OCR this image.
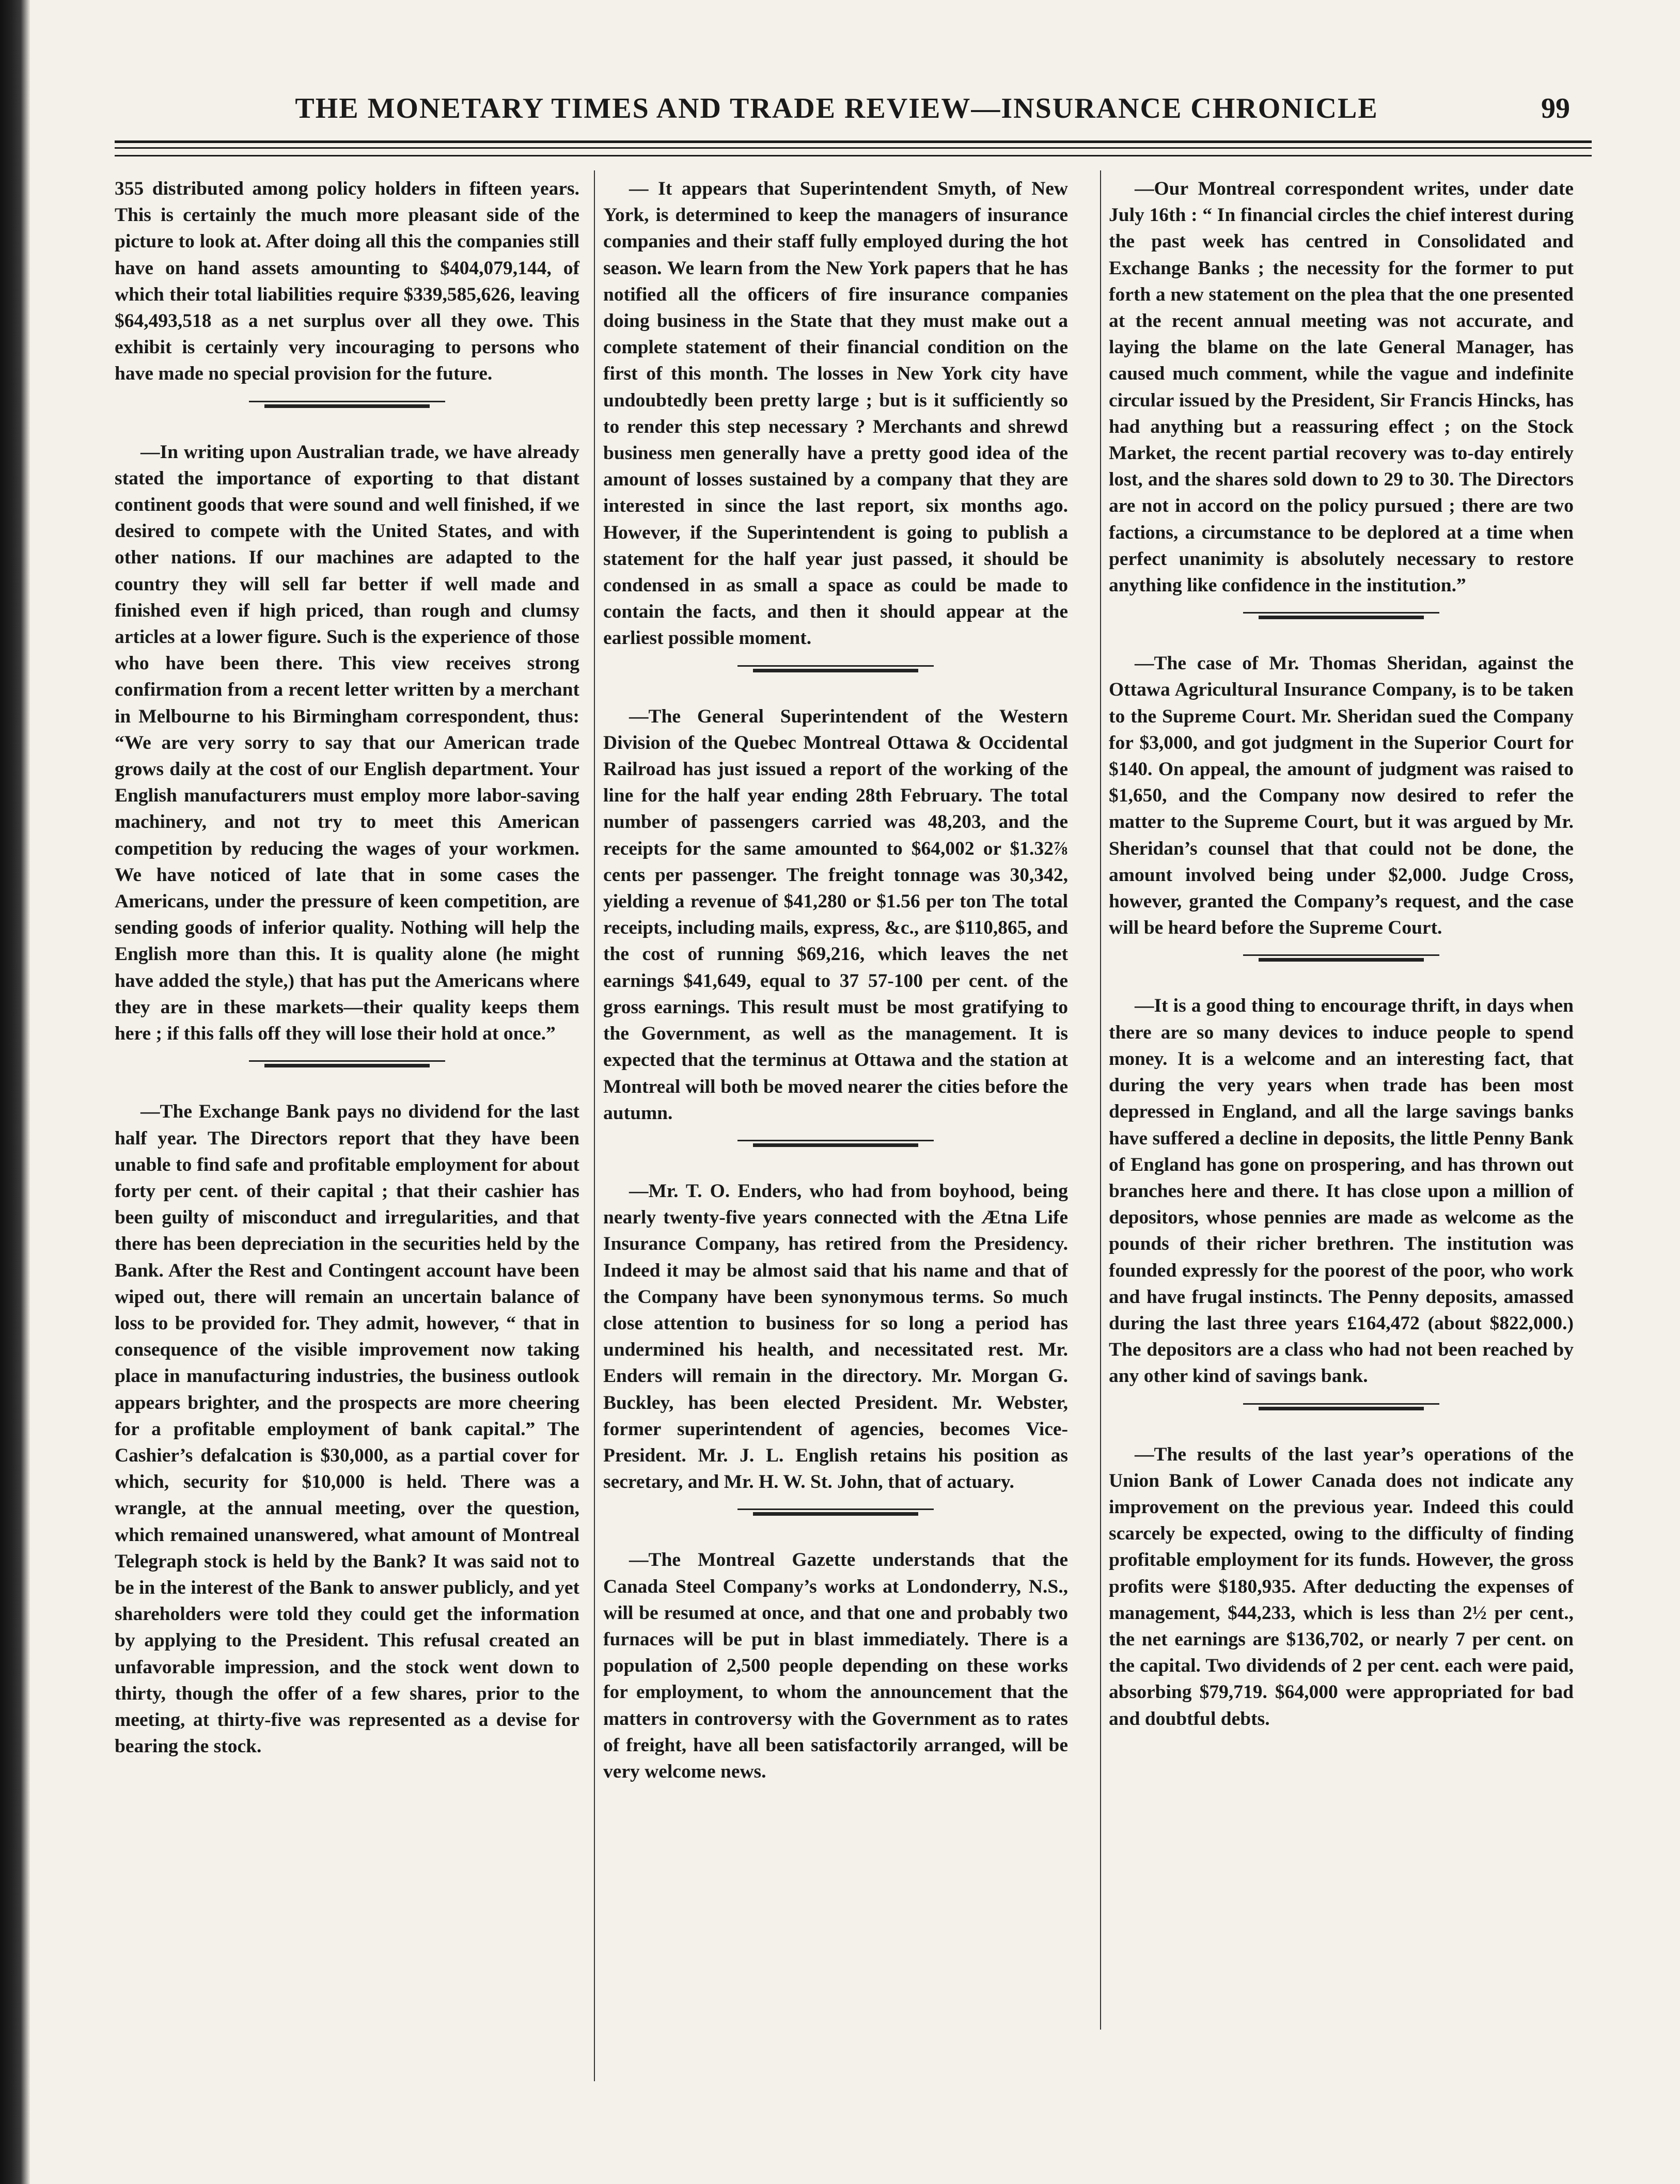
THE MONETARY TIMES AND TRADE REVIEW—INSURANCE CHRONICLE	99

355 distributed among policy holders in fifteen years. This is certainly the much more pleasant side of the picture to look at. After doing all this the companies still have on hand assets amounting to $404,079,144, of which their total liabilities require $339,585,626, leaving $64,493,518 as a net surplus over all they owe. This exhibit is certainly very incouraging to persons who have made no special provision for the future.

—In writing upon Australian trade, we have already stated the importance of exporting to that distant continent goods that were sound and well finished, if we desired to compete with the United States, and with other nations. If our machines are adapted to the country they will sell far better if well made and finished even if high priced, than rough and clumsy articles at a lower figure. Such is the experience of those who have been there. This view receives strong confirmation from a recent letter written by a merchant in Melbourne to his Birmingham correspondent, thus: “We are very sorry to say that our American trade grows daily at the cost of our English department. Your English manufacturers must employ more labor-saving machinery, and not try to meet this American competition by reducing the wages of your workmen. We have noticed of late that in some cases the Americans, under the pressure of keen competition, are sending goods of inferior quality. Nothing will help the English more than this. It is quality alone (he might have added the style,) that has put the Americans where they are in these markets—their quality keeps them here ; if this falls off they will lose their hold at once.”

—The Exchange Bank pays no dividend for the last half year. The Directors report that they have been unable to find safe and profitable employment for about forty per cent. of their capital ; that their cashier has been guilty of misconduct and irregularities, and that there has been depreciation in the securities held by the Bank. After the Rest and Contingent account have been wiped out, there will remain an uncertain balance of loss to be provided for. They admit, however, “ that in consequence of the visible improvement now taking place in manufacturing industries, the business outlook appears brighter, and the prospects are more cheering for a profitable employment of bank capital.” The Cashier’s defalcation is $30,000, as a partial cover for which, security for $10,000 is held. There was a wrangle, at the annual meeting, over the question, which remained unanswered, what amount of Montreal Telegraph stock is held by the Bank? It was said not to be in the interest of the Bank to answer publicly, and yet shareholders were told they could get the information by applying to the President. This refusal created an unfavorable impression, and the stock went down to thirty, though the offer of a few shares, prior to the meeting, at thirty-five was represented as a devise for bearing the stock.

— It appears that Superintendent Smyth, of New York, is determined to keep the managers of insurance companies and their staff fully employed during the hot season. We learn from the New York papers that he has notified all the officers of fire insurance companies doing business in the State that they must make out a complete statement of their financial condition on the first of this month. The losses in New York city have undoubtedly been pretty large ; but is it sufficiently so to render this step necessary ? Merchants and shrewd business men generally have a pretty good idea of the amount of losses sustained by a company that they are interested in since the last report, six months ago. However, if the Superintendent is going to publish a statement for the half year just passed, it should be condensed in as small a space as could be made to contain the facts, and then it should appear at the earliest possible moment.

—The General Superintendent of the Western Division of the Quebec Montreal Ottawa & Occidental Railroad has just issued a report of the working of the line for the half year ending 28th February. The total number of passengers carried was 48,203, and the receipts for the same amounted to $64,002 or $1.32⅞ cents per passenger. The freight tonnage was 30,342, yielding a revenue of $41,280 or $1.56 per ton The total receipts, including mails, express, &c., are $110,865, and the cost of running $69,216, which leaves the net earnings $41,649, equal to 37 57-100 per cent. of the gross earnings. This result must be most gratifying to the Government, as well as the management. It is expected that the terminus at Ottawa and the station at Montreal will both be moved nearer the cities before the autumn.

—Mr. T. O. Enders, who had from boyhood, being nearly twenty-five years connected with the Ætna Life Insurance Company, has retired from the Presidency. Indeed it may be almost said that his name and that of the Company have been synonymous terms. So much close attention to business for so long a period has undermined his health, and necessitated rest. Mr. Enders will remain in the directory. Mr. Morgan G. Buckley, has been elected President. Mr. Webster, former superintendent of agencies, becomes Vice-President. Mr. J. L. English retains his position as secretary, and Mr. H. W. St. John, that of actuary.

—The Montreal Gazette understands that the Canada Steel Company’s works at Londonderry, N.S., will be resumed at once, and that one and probably two furnaces will be put in blast immediately. There is a population of 2,500 people depending on these works for employment, to whom the announcement that the matters in controversy with the Government as to rates of freight, have all been satisfactorily arranged, will be very welcome news.

—Our Montreal correspondent writes, under date July 16th : “ In financial circles the chief interest during the past week has centred in Consolidated and Exchange Banks ; the necessity for the former to put forth a new statement on the plea that the one presented at the recent annual meeting was not accurate, and laying the blame on the late General Manager, has caused much comment, while the vague and indefinite circular issued by the President, Sir Francis Hincks, has had anything but a reassuring effect ; on the Stock Market, the recent partial recovery was to-day entirely lost, and the shares sold down to 29 to 30. The Directors are not in accord on the policy pursued ; there are two factions, a circumstance to be deplored at a time when perfect unanimity is absolutely necessary to restore anything like confidence in the institution.”

—The case of Mr. Thomas Sheridan, against the Ottawa Agricultural Insurance Company, is to be taken to the Supreme Court. Mr. Sheridan sued the Company for $3,000, and got judgment in the Superior Court for $140. On appeal, the amount of judgment was raised to $1,650, and the Company now desired to refer the matter to the Supreme Court, but it was argued by Mr. Sheridan’s counsel that that could not be done, the amount involved being under $2,000. Judge Cross, however, granted the Company’s request, and the case will be heard before the Supreme Court.

—It is a good thing to encourage thrift, in days when there are so many devices to induce people to spend money. It is a welcome and an interesting fact, that during the very years when trade has been most depressed in England, and all the large savings banks have suffered a decline in deposits, the little Penny Bank of England has gone on prospering, and has thrown out branches here and there. It has close upon a million of depositors, whose pennies are made as welcome as the pounds of their richer brethren. The institution was founded expressly for the poorest of the poor, who work and have frugal instincts. The Penny deposits, amassed during the last three years £164,472 (about $822,000.) The depositors are a class who had not been reached by any other kind of savings bank.

—The results of the last year’s operations of the Union Bank of Lower Canada does not indicate any improvement on the previous year. Indeed this could scarcely be expected, owing to the difficulty of finding profitable employment for its funds. However, the gross profits were $180,935. After deducting the expenses of management, $44,233, which is less than 2½ per cent., the net earnings are $136,702, or nearly 7 per cent. on the capital. Two dividends of 2 per cent. each were paid, absorbing $79,719. $64,000 were appropriated for bad and doubtful debts.
